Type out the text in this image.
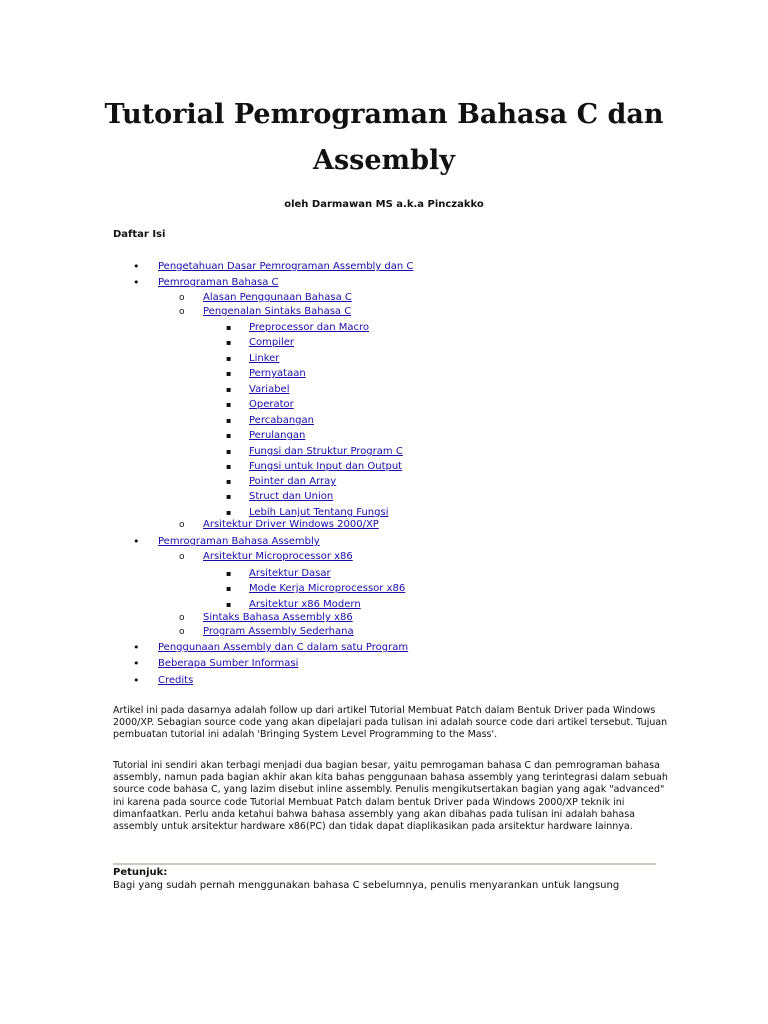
Tutorial Pemrograman Bahasa C dan Assembly
oleh Darmawan MS a.k.a Pinczakko
Daftar Isi
• Pengetahuan Dasar Pemrograman Assembly dan C
• Pemrograman Bahasa C
o Alasan Penggunaan Bahasa C
o Pengenalan Sintaks Bahasa C
▪ Preprocessor dan Macro
▪ Compiler
▪ Linker
▪ Pernyataan
▪ Variabel
▪ Operator
▪ Percabangan
▪ Perulangan
▪ Fungsi dan Struktur Program C
▪ Fungsi untuk Input dan Output
▪ Pointer dan Array
▪ Struct dan Union
▪ Lebih Lanjut Tentang Fungsi
o Arsitektur Driver Windows 2000/XP
• Pemrograman Bahasa Assembly
o Arsitektur Microprocessor x86
▪ Arsitektur Dasar
▪ Mode Kerja Microprocessor x86
▪ Arsitektur x86 Modern
o Sintaks Bahasa Assembly x86
o Program Assembly Sederhana
• Penggunaan Assembly dan C dalam satu Program
• Beberapa Sumber Informasi
• Credits

Artikel ini pada dasarnya adalah follow up dari artikel Tutorial Membuat Patch dalam Bentuk Driver pada Windows 2000/XP. Sebagian source code yang akan dipelajari pada tulisan ini adalah source code dari artikel tersebut. Tujuan pembuatan tutorial ini adalah 'Bringing System Level Programming to the Mass'.

Tutorial ini sendiri akan terbagi menjadi dua bagian besar, yaitu pemrogaman bahasa C dan pemrograman bahasa assembly, namun pada bagian akhir akan kita bahas penggunaan bahasa assembly yang terintegrasi dalam sebuah source code bahasa C, yang lazim disebut inline assembly. Penulis mengikutsertakan bagian yang agak "advanced" ini karena pada source code Tutorial Membuat Patch dalam bentuk Driver pada Windows 2000/XP teknik ini dimanfaatkan. Perlu anda ketahui bahwa bahasa assembly yang akan dibahas pada tulisan ini adalah bahasa assembly untuk arsitektur hardware x86(PC) dan tidak dapat diaplikasikan pada arsitektur hardware lainnya.

Petunjuk:
Bagi yang sudah pernah menggunakan bahasa C sebelumnya, penulis menyarankan untuk langsung
